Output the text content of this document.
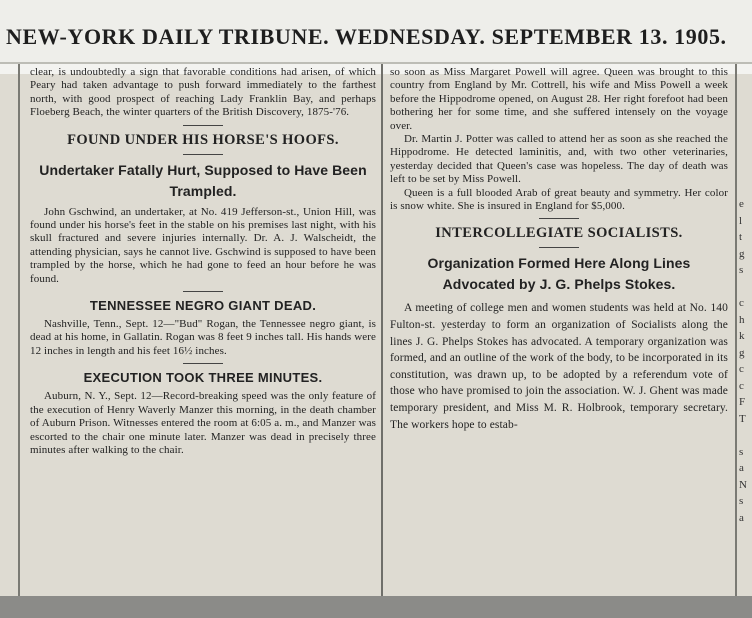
NEW-YORK DAILY TRIBUNE. WEDNESDAY. SEPTEMBER 13. 1905.

clear, is undoubtedly a sign that favorable conditions had arisen, of which Peary had taken advantage to push forward immediately to the farthest north, with good prospect of reaching Lady Franklin Bay, and perhaps Floeberg Beach, the winter quarters of the British Discovery, 1875-'76.

FOUND UNDER HIS HORSE'S HOOFS.

Undertaker Fatally Hurt, Supposed to Have Been Trampled.

John Gschwind, an undertaker, at No. 419 Jefferson-st., Union Hill, was found under his horse's feet in the stable on his premises last night, with his skull fractured and severe injuries internally. Dr. A. J. Walscheidt, the attending physician, says he cannot live. Gschwind is supposed to have been trampled by the horse, which he had gone to feed an hour before he was found.

TENNESSEE NEGRO GIANT DEAD.

Nashville, Tenn., Sept. 12—"Bud" Rogan, the Tennessee negro giant, is dead at his home, in Gallatin. Rogan was 8 feet 9 inches tall. His hands were 12 inches in length and his feet 16½ inches.

EXECUTION TOOK THREE MINUTES.

Auburn, N. Y., Sept. 12—Record-breaking speed was the only feature of the execution of Henry Waverly Manzer this morning, in the death chamber of Auburn Prison. Witnesses entered the room at 6:05 a. m., and Manzer was escorted to the chair one minute later. Manzer was dead in precisely three minutes after walking to the chair.

so soon as Miss Margaret Powell will agree. Queen was brought to this country from England by Mr. Cottrell, his wife and Miss Powell a week before the Hippodrome opened, on August 28. Her right forefoot had been bothering her for some time, and she suffered intensely on the voyage over.

Dr. Martin J. Potter was called to attend her as soon as she reached the Hippodrome. He detected laminitis, and, with two other veterinaries, yesterday decided that Queen's case was hopeless. The day of death was left to be set by Miss Powell.

Queen is a full blooded Arab of great beauty and symmetry. Her color is snow white. She is insured in England for $5,000.

INTERCOLLEGIATE SOCIALISTS.

Organization Formed Here Along Lines Advocated by J. G. Phelps Stokes.

A meeting of college men and women students was held at No. 140 Fulton-st. yesterday to form an organization of Socialists along the lines J. G. Phelps Stokes has advocated. A temporary organization was formed, and an outline of the work of the body, to be incorporated in its constitution, was drawn up, to be adopted by a referendum vote of those who have promised to join the association. W. J. Ghent was made temporary president, and Miss M. R. Holbrook, temporary secretary. The workers hope to estab-

e
l
t
g
s

c
h
k
g
c
c
F
T

s
a
N
s
a
